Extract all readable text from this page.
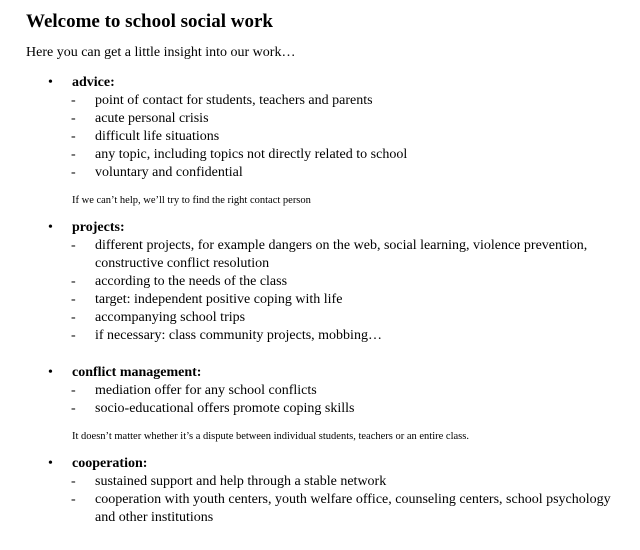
Welcome to school social work
Here you can get a little insight into our work…
• advice:
- point of contact for students, teachers and parents
- acute personal crisis
- difficult life situations
- any topic, including topics not directly related to school
- voluntary and confidential
If we can’t help, we’ll try to find the right contact person
• projects:
- different projects, for example dangers on the web, social learning, violence prevention, constructive conflict resolution
- according to the needs of the class
- target: independent positive coping with life
- accompanying school trips
- if necessary: class community projects, mobbing…
• conflict management:
- mediation offer for any school conflicts
- socio-educational offers promote coping skills
It doesn’t matter whether it’s a dispute between individual students, teachers or an entire class.
• cooperation:
- sustained support and help through a stable network
- cooperation with youth centers, youth welfare office, counseling centers, school psychology and other institutions
